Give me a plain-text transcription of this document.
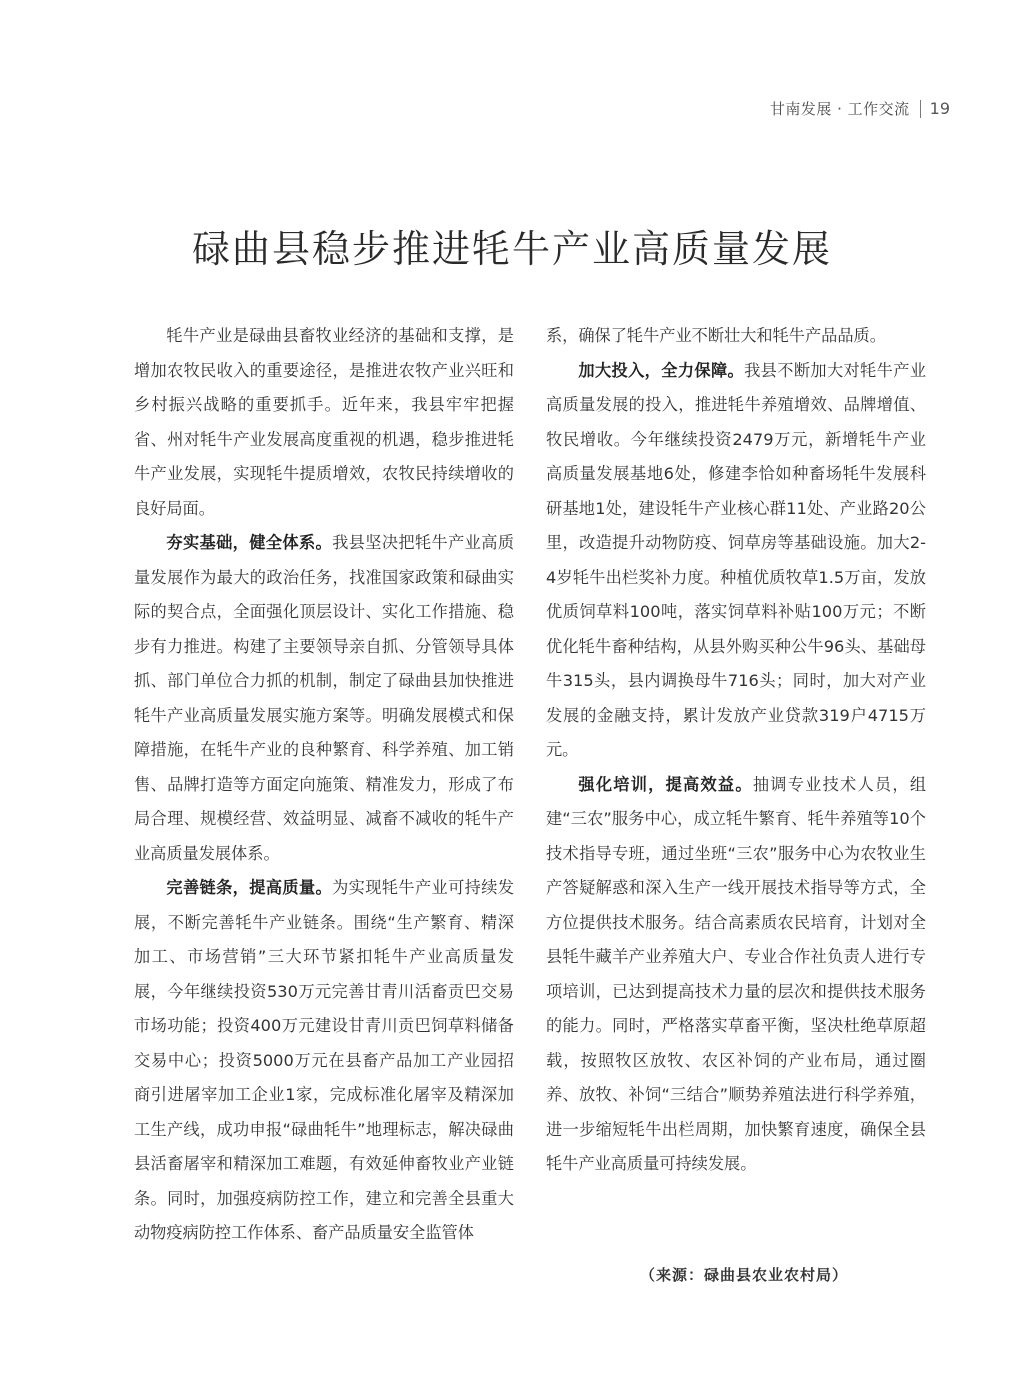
甘南发展 · 工作交流 19
碌曲县稳步推进牦牛产业高质量发展

牦牛产业是碌曲县畜牧业经济的基础和支撑，是增加农牧民收入的重要途径，是推进农牧产业兴旺和乡村振兴战略的重要抓手。近年来，我县牢牢把握省、州对牦牛产业发展高度重视的机遇，稳步推进牦牛产业发展，实现牦牛提质增效，农牧民持续增收的良好局面。

夯实基础，健全体系。我县坚决把牦牛产业高质量发展作为最大的政治任务，找准国家政策和碌曲实际的契合点，全面强化顶层设计、实化工作措施、稳步有力推进。构建了主要领导亲自抓、分管领导具体抓、部门单位合力抓的机制，制定了碌曲县加快推进牦牛产业高质量发展实施方案等。明确发展模式和保障措施，在牦牛产业的良种繁育、科学养殖、加工销售、品牌打造等方面定向施策、精准发力，形成了布局合理、规模经营、效益明显、减畜不减收的牦牛产业高质量发展体系。

完善链条，提高质量。为实现牦牛产业可持续发展，不断完善牦牛产业链条。围绕“生产繁育、精深加工、市场营销”三大环节紧扣牦牛产业高质量发展，今年继续投资530万元完善甘青川活畜贡巴交易市场功能；投资400万元建设甘青川贡巴饲草料储备交易中心；投资5000万元在县畜产品加工产业园招商引进屠宰加工企业1家，完成标准化屠宰及精深加工生产线，成功申报“碌曲牦牛”地理标志，解决碌曲县活畜屠宰和精深加工难题，有效延伸畜牧业产业链条。同时，加强疫病防控工作，建立和完善全县重大动物疫病防控工作体系、畜产品质量安全监管体

系，确保了牦牛产业不断壮大和牦牛产品品质。

加大投入，全力保障。我县不断加大对牦牛产业高质量发展的投入，推进牦牛养殖增效、品牌增值、牧民增收。今年继续投资2479万元，新增牦牛产业高质量发展基地6处，修建李恰如种畜场牦牛发展科研基地1处，建设牦牛产业核心群11处、产业路20公里，改造提升动物防疫、饲草房等基础设施。加大2-4岁牦牛出栏奖补力度。种植优质牧草1.5万亩，发放优质饲草料100吨，落实饲草料补贴100万元；不断优化牦牛畜种结构，从县外购买种公牛96头、基础母牛315头，县内调换母牛716头；同时，加大对产业发展的金融支持，累计发放产业贷款319户4715万元。

强化培训，提高效益。抽调专业技术人员，组建“三农”服务中心，成立牦牛繁育、牦牛养殖等10个技术指导专班，通过坐班“三农”服务中心为农牧业生产答疑解惑和深入生产一线开展技术指导等方式，全方位提供技术服务。结合高素质农民培育，计划对全县牦牛藏羊产业养殖大户、专业合作社负责人进行专项培训，已达到提高技术力量的层次和提供技术服务的能力。同时，严格落实草畜平衡，坚决杜绝草原超载，按照牧区放牧、农区补饲的产业布局，通过圈养、放牧、补饲“三结合”顺势养殖法进行科学养殖，进一步缩短牦牛出栏周期，加快繁育速度，确保全县牦牛产业高质量可持续发展。

（来源：碌曲县农业农村局）
